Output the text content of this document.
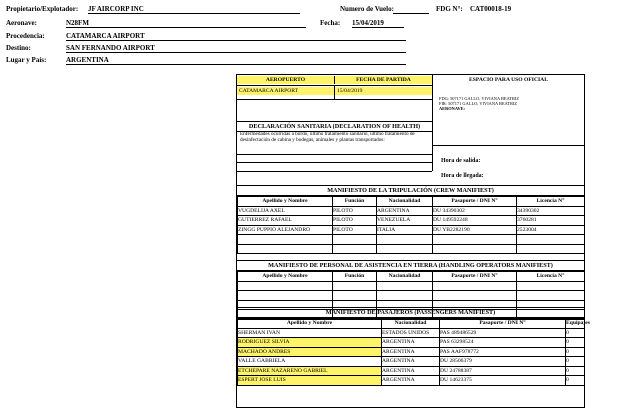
Propietario/Explotador: JF AIRCORP INC	Numero de Vuelo:	FDG N°: CAT00018-19
Aeronave:	N28FM	Fecha: 15/04/2019
Procedencia:	CATAMARCA AIRPORT
Destino:	SAN FERNANDO AIRPORT
Lugar y País:	ARGENTINA
AEROPUERTO	FECHA DE PARTIDA	ESPACIO PARA USO OFICIAL
CATAMARCA AIRPORT	15/04/2019
FDG: 507171 GALLO, VIVIANA BEATRIZ
FIR: 507171 GALLO, VIVIANA BEATRIZ
AERONAVE:
DECLARACIÓN SANITARIA (DECLARATION OF HEALTH)
Enfermedades ocurridas a bordo, último tratamiento sanitario, último tratamiento de desinfectación de cabina y bodegas, animales y plantas transportados:
Hora de salida:
Hora de llegada:
MANIFIESTO DE LA TRIPULACIÓN (CREW MANIFIEST)
Apellido y Nombre	Función	Nacionalidad	Pasaporte / DNI N°	Licencia N°
VUGDELIJA AXEL	PILOTO	ARGENTINA	DU 34390302	34390302
GUTIERREZ RAFAEL	PILOTO	VENEZUELA	DU 149592248	3760281
ZINGG PUPPIO ALEJANDRO	PILOTO	ITALIA	DU YB2282190	2523004

MANIFIESTO DE PERSONAL DE ASISTENCIA EN TIERRA (HANDLING OPERATORS MANIFIEST)
Apellido y Nombre	Función	Nacionalidad	Pasaporte / DNI N°	Licencia N°

MANIFIESTO DE PASAJEROS (PASSENGERS MANIFIEST)
Apellido y Nombre	Nacionalidad	Pasaporte / DNI N°	Equipajes
SHERMAN IVAN	ESTADOS UNIDOS	PAS 489486529	0
RODRIGUEZ SILVIA	ARGENTINA	PAS 63298524	0
MACHADO ANDRES	ARGENTINA	PAS AAF978772	0
VALLE GABRIELA	ARGENTINA	DU 28506379	0
ETCHEPARE NAZARENO GABRIEL	ARGENTINA	DU 24788387	0
ESPERT JOSE LUIS	ARGENTINA	DU 14623375	0
